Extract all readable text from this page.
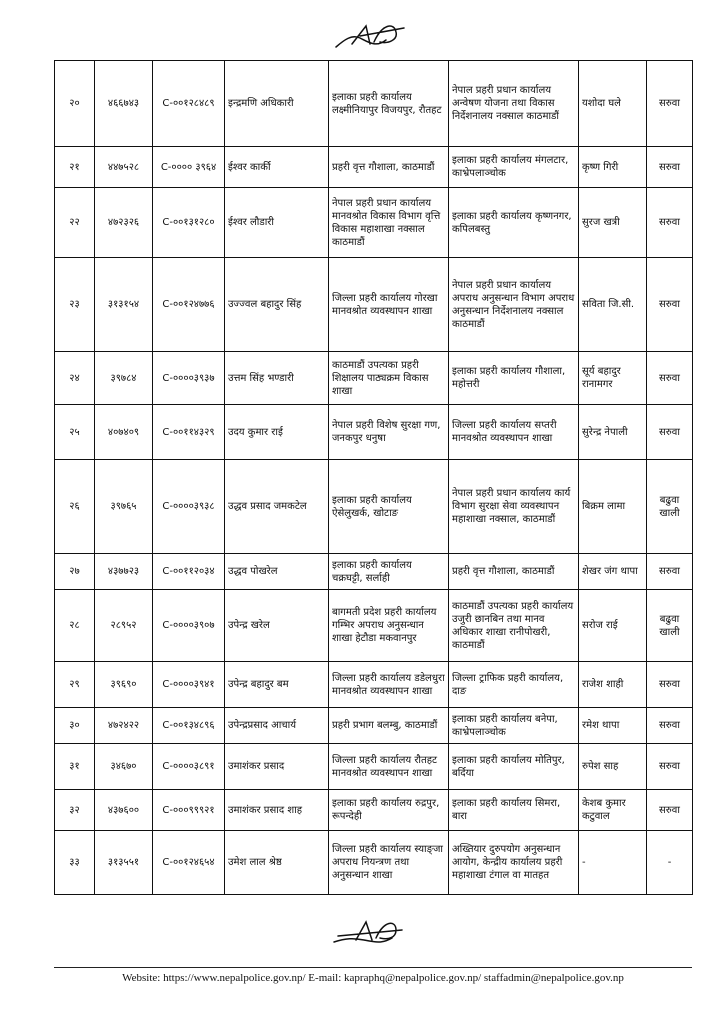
२०	४६६७४३	C-००१२८४८९	इन्द्रमणि अधिकारी	इलाका प्रहरी कार्यालय लक्ष्मीनियापुर विजयपुर, रौतहट	नेपाल प्रहरी प्रधान कार्यालय अन्वेषण योजना तथा विकास निर्देशनालय नक्साल काठमाडौं	यशोदा घले	सरुवा
२१	४४७५२८	C-०००० ३९६४	ईश्वर कार्की	प्रहरी वृत्त गौशाला, काठमाडौं	इलाका प्रहरी कार्यालय मंगलटार, काभ्रेपलाञ्चोक	कृष्ण गिरी	सरुवा
२२	४७२३२६	C-००१३१२८०	ईश्वर लौडारी	नेपाल प्रहरी प्रधान कार्यालय मानवश्रोत विकास विभाग वृत्ति विकास महाशाखा नक्साल काठमाडौं	इलाका प्रहरी कार्यालय कृष्णनगर, कपिलबस्तु	सुरज खत्री	सरुवा
२३	३१३१५४	C-००१२४७७६	उज्ज्वल बहादुर सिंह	जिल्ला प्रहरी कार्यालय गोरखा मानवश्रोत व्यवस्थापन शाखा	नेपाल प्रहरी प्रधान कार्यालय अपराध अनुसन्धान विभाग अपराध अनुसन्धान निर्देशनालय नक्साल काठमाडौं	सविता जि.सी.	सरुवा
२४	३९७८४	C-००००३९३७	उत्तम सिंह भण्डारी	काठमाडौं उपत्यका प्रहरी शिक्षालय पाठ्यक्रम विकास शाखा	इलाका प्रहरी कार्यालय गौशाला, महोत्तरी	सूर्य बहादुर रानामगर	सरुवा
२५	४०७४०९	C-००११४३२९	उदय कुमार राई	नेपाल प्रहरी विशेष सुरक्षा गण, जनकपुर धनुषा	जिल्ला प्रहरी कार्यालय सप्तरी मानवश्रोत व्यवस्थापन शाखा	सुरेन्द्र नेपाली	सरुवा
२६	३९७६५	C-००००३९३८	उद्धव प्रसाद जमकटेल	इलाका प्रहरी कार्यालय ऐसेलुखर्क, खोटाङ	नेपाल प्रहरी प्रधान कार्यालय कार्य विभाग सुरक्षा सेवा व्यवस्थापन महाशाखा नक्साल, काठमाडौं	बिक्रम लामा	बढुवा खाली
२७	४३७७२३	C-००११२०३४	उद्धव पोखरेल	इलाका प्रहरी कार्यालय चक्रघट्टी, सर्लाही	प्रहरी वृत्त गौशाला, काठमाडौं	शेखर जंग थापा	सरुवा
२८	२८९५२	C-००००३९०७	उपेन्द्र खरेल	बागमती प्रदेश प्रहरी कार्यालय गम्भिर अपराध अनुसन्धान शाखा हेटौडा मकवानपुर	काठमाडौं उपत्यका प्रहरी कार्यालय उजुरी छानबिन तथा मानव अधिकार शाखा रानीपोखरी, काठमाडौं	सरोज राई	बढुवा खाली
२९	३९६९०	C-००००३९४१	उपेन्द्र बहादुर बम	जिल्ला प्रहरी कार्यालय डडेलधुरा मानवश्रोत व्यवस्थापन शाखा	जिल्ला ट्राफिक प्रहरी कार्यालय, दाङ	राजेश शाही	सरुवा
३०	४७२४२२	C-००१३४८९६	उपेन्द्रप्रसाद आचार्य	प्रहरी प्रभाग बलम्बु, काठमाडौं	इलाका प्रहरी कार्यालय बनेपा, काभ्रेपलाञ्चोक	रमेश थापा	सरुवा
३१	३४६७०	C-००००३८९१	उमाशंकर प्रसाद	जिल्ला प्रहरी कार्यालय रौतहट मानवश्रोत व्यवस्थापन शाखा	इलाका प्रहरी कार्यालय मोतिपुर, बर्दिया	रुपेश साह	सरुवा
३२	४३७६००	C-०००९९९२१	उमाशंकर प्रसाद शाह	इलाका प्रहरी कार्यालय रुद्रपुर, रूपन्देही	इलाका प्रहरी कार्यालय सिमरा, बारा	केशब कुमार कटुवाल	सरुवा
३३	३१३५५१	C-००१२४६५४	उमेश लाल श्रेष्ठ	जिल्ला प्रहरी कार्यालय स्याङ्जा अपराध नियन्त्रण तथा अनुसन्धान शाखा	अख्तियार दुरुपयोग अनुसन्धान आयोग, केन्द्रीय कार्यालय प्रहरी महाशाखा टंगाल वा मातहत	-	-
Website: https://www.nepalpolice.gov.np/ E-mail: kapraphq@nepalpolice.gov.np/ staffadmin@nepalpolice.gov.np
